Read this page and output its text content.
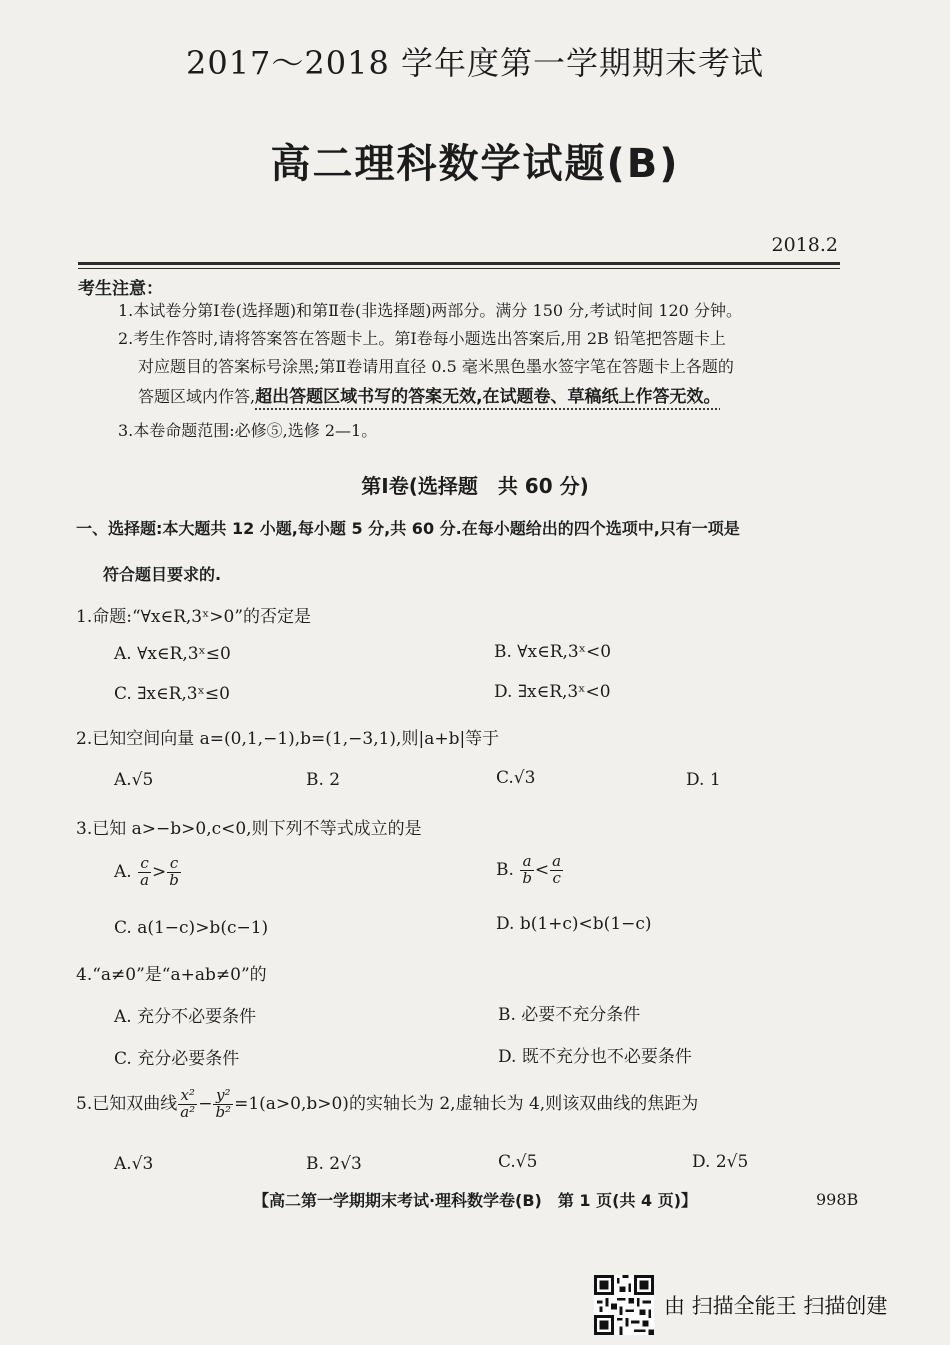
2017～2018 学年度第一学期期末考试
高二理科数学试题(B)
2018.2
考生注意：
1.本试卷分第Ⅰ卷(选择题)和第Ⅱ卷(非选择题)两部分。满分 150 分,考试时间 120 分钟。
2.考生作答时,请将答案答在答题卡上。第Ⅰ卷每小题选出答案后,用 2B 铅笔把答题卡上
对应题目的答案标号涂黑;第Ⅱ卷请用直径 0.5 毫米黑色墨水签字笔在答题卡上各题的
答题区域内作答,超出答题区域书写的答案无效,在试题卷、草稿纸上作答无效。
3.本卷命题范围:必修⑤,选修 2—1。
第Ⅰ卷(选择题　共 60 分)
一、选择题:本大题共 12 小题,每小题 5 分,共 60 分.在每小题给出的四个选项中,只有一项是
符合题目要求的.
1.命题:“∀x∈R,3ˣ>0”的否定是
A. ∀x∈R,3ˣ≤0	B. ∀x∈R,3ˣ<0
C. ∃x∈R,3ˣ≤0	D. ∃x∈R,3ˣ<0
2.已知空间向量 a=(0,1,−1),b=(1,−3,1),则|a+b|等于
A.√5	B. 2	C.√3	D. 1
3.已知 a>−b>0,c<0,则下列不等式成立的是
A. $\frac{c}{a} > \frac{c}{b}$	B. $\frac{a}{b} < \frac{a}{c}$
C. a(1−c)>b(c−1)	D. b(1+c)<b(1−c)
4.“a≠0”是“a+ab≠0”的
A. 充分不必要条件	B. 必要不充分条件
C. 充分必要条件	D. 既不充分也不必要条件
5.已知双曲线 $\frac{\text{x²}}{\text{a²}} - \frac{\text{y²}}{\text{b²}} =1(a>0,b>0)$的实轴长为 2,虚轴长为 4,则该双曲线的焦距为
A.√3	B. 2√3	C.√5	D. 2√5
【高二第一学期期末考试·理科数学卷(B)　第 1 页(共 4 页)】	998B
由 扫描全能王 扫描创建
